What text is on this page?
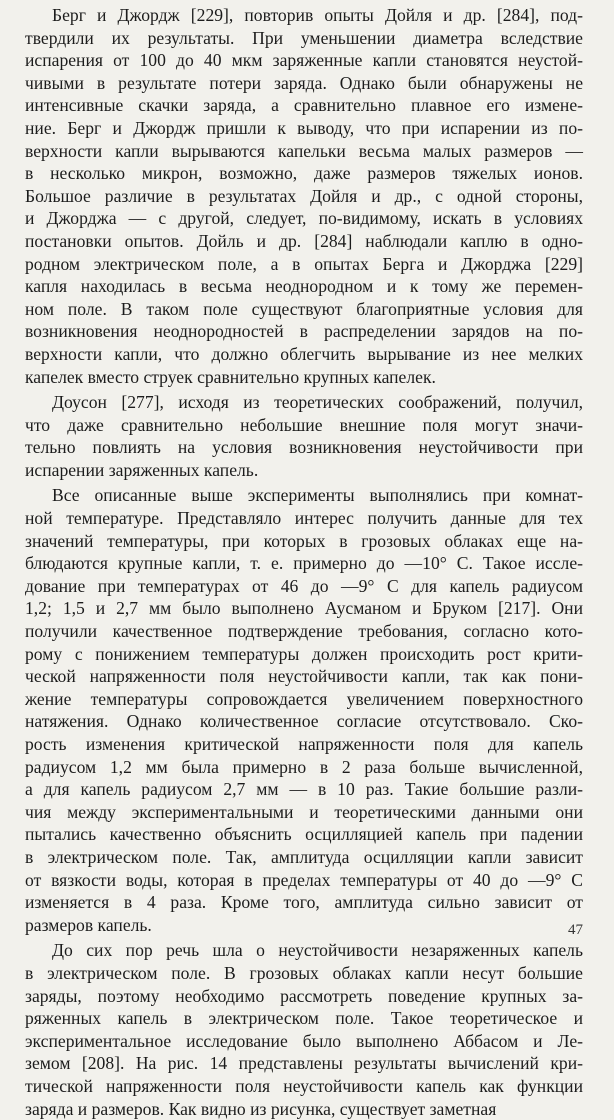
Берг и Джордж [229], повторив опыты Дойля и др. [284], под-

твердили их результаты. При уменьшении диаметра вследствие

испарения от 100 до 40 мкм заряженные капли становятся неустой-

чивыми в результате потери заряда. Однако были обнаружены не

интенсивные скачки заряда, а сравнительно плавное его измене-

ние. Берг и Джордж пришли к выводу, что при испарении из по-

верхности капли вырываются капельки весьма малых размеров —

в несколько микрон, возможно, даже размеров тяжелых ионов.

Большое различие в результатах Дойля и др., с одной стороны,

и Джорджа — с другой, следует, по-видимому, искать в условиях

постановки опытов. Дойль и др. [284] наблюдали каплю в одно-

родном электрическом поле, а в опытах Берга и Джорджа [229]

капля находилась в весьма неоднородном и к тому же перемен-

ном поле. В таком поле существуют благоприятные условия для

возникновения неоднородностей в распределении зарядов на по-

верхности капли, что должно облегчить вырывание из нее мелких

капелек вместо струек сравнительно крупных капелек.

Доусон [277], исходя из теоретических соображений, получил,

что даже сравнительно небольшие внешние поля могут значи-

тельно повлиять на условия возникновения неустойчивости при

испарении заряженных капель.

Все описанные выше эксперименты выполнялись при комнат-

ной температуре. Представляло интерес получить данные для тех

значений температуры, при которых в грозовых облаках еще на-

блюдаются крупные капли, т. е. примерно до —10° С. Такое иссле-

дование при температурах от 46 до —9° С для капель радиусом

1,2; 1,5 и 2,7 мм было выполнено Аусманом и Бруком [217]. Они

получили качественное подтверждение требования, согласно кото-

рому с понижением температуры должен происходить рост крити-

ческой напряженности поля неустойчивости капли, так как пони-

жение температуры сопровождается увеличением поверхностного

натяжения. Однако количественное согласие отсутствовало. Ско-

рость изменения критической напряженности поля для капель

радиусом 1,2 мм была примерно в 2 раза больше вычисленной,

а для капель радиусом 2,7 мм — в 10 раз. Такие большие разли-

чия между экспериментальными и теоретическими данными они

пытались качественно объяснить осцилляцией капель при падении

в электрическом поле. Так, амплитуда осцилляции капли зависит

от вязкости воды, которая в пределах температуры от 40 до —9° С

изменяется в 4 раза. Кроме того, амплитуда сильно зависит от

размеров капель.

До сих пор речь шла о неустойчивости незаряженных капель

в электрическом поле. В грозовых облаках капли несут большие

заряды, поэтому необходимо рассмотреть поведение крупных за-

ряженных капель в электрическом поле. Такое теоретическое и

экспериментальное исследование было выполнено Аббасом и Ле-

земом [208]. На рис. 14 представлены результаты вычислений кри-

тической напряженности поля неустойчивости капель как функции

заряда и размеров. Как видно из рисунка, существует заметная

47
